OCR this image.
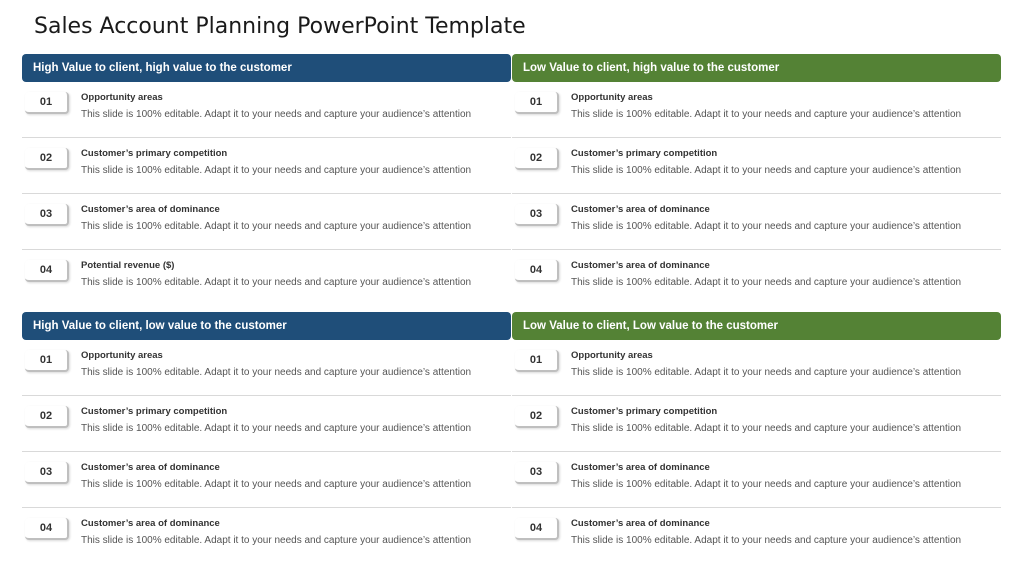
Sales Account Planning PowerPoint Template
High Value to client, high value to the customer
01	Opportunity areas
This slide is 100% editable. Adapt it to your needs and capture your audience’s attention
02	Customer’s primary competition
This slide is 100% editable. Adapt it to your needs and capture your audience’s attention
03	Customer’s area of dominance
This slide is 100% editable. Adapt it to your needs and capture your audience’s attention
04	Potential revenue ($)
This slide is 100% editable. Adapt it to your needs and capture your audience’s attention
Low Value to client, high value to the customer
01	Opportunity areas
This slide is 100% editable. Adapt it to your needs and capture your audience’s attention
02	Customer’s primary competition
This slide is 100% editable. Adapt it to your needs and capture your audience’s attention
03	Customer’s area of dominance
This slide is 100% editable. Adapt it to your needs and capture your audience’s attention
04	Customer’s area of dominance
This slide is 100% editable. Adapt it to your needs and capture your audience’s attention
High Value to client, low value to the customer
01	Opportunity areas
This slide is 100% editable. Adapt it to your needs and capture your audience’s attention
02	Customer’s primary competition
This slide is 100% editable. Adapt it to your needs and capture your audience’s attention
03	Customer’s area of dominance
This slide is 100% editable. Adapt it to your needs and capture your audience’s attention
04	Customer’s area of dominance
This slide is 100% editable. Adapt it to your needs and capture your audience’s attention
Low Value to client, Low value to the customer
01	Opportunity areas
This slide is 100% editable. Adapt it to your needs and capture your audience’s attention
02	Customer’s primary competition
This slide is 100% editable. Adapt it to your needs and capture your audience’s attention
03	Customer’s area of dominance
This slide is 100% editable. Adapt it to your needs and capture your audience’s attention
04	Customer’s area of dominance
This slide is 100% editable. Adapt it to your needs and capture your audience’s attention
